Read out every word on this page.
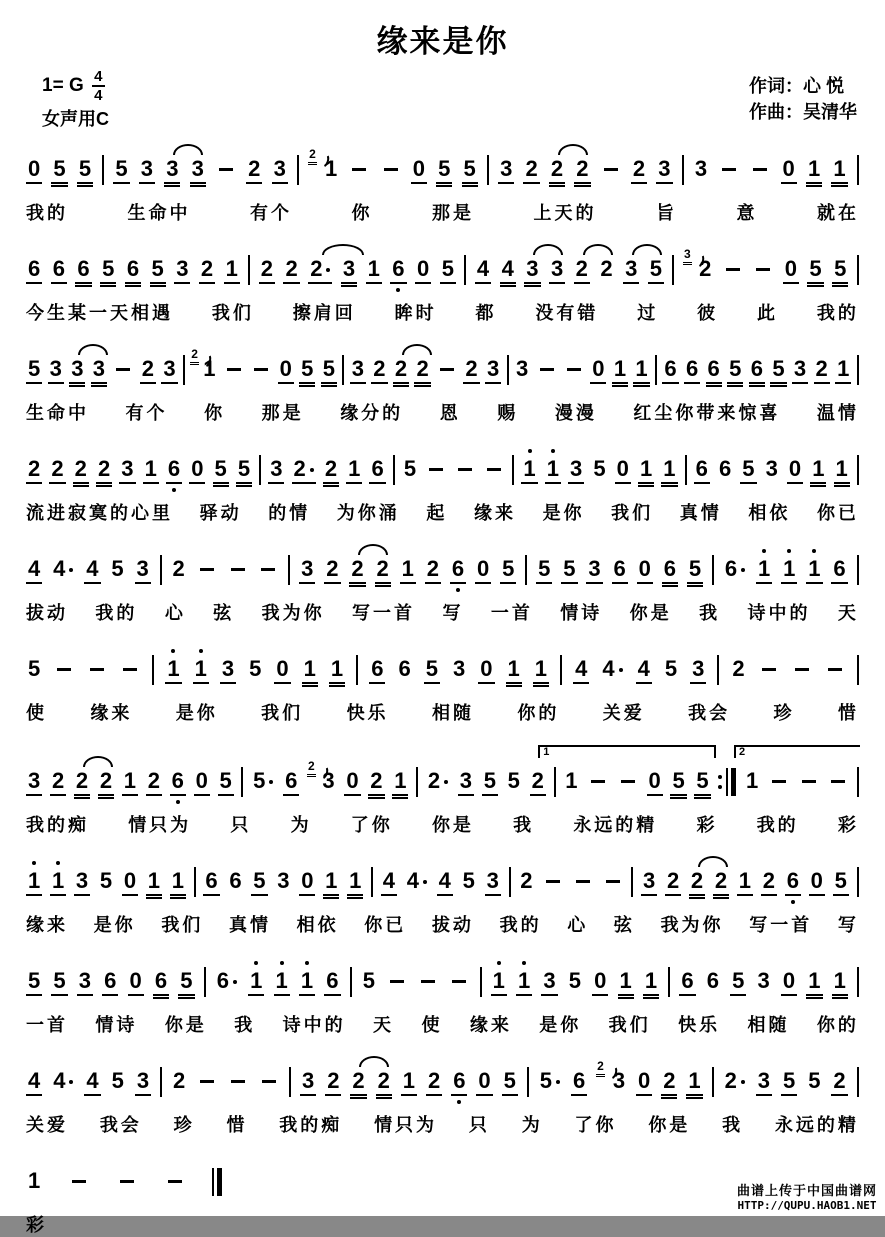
缘来是你
1= G $\frac{4}{4}$
女声用C
作词：心 悦
作曲：吴清华
0 5 5 5 3 3 3 2 3
2
1	0 5 5 3 2 2 2 2 3 3	0 1 1
我的	生命中	有个	你	那是	上天的	旨	意	就在
6 6 6 5 6 5 3 2 1 2 2 2 3 1 6 0 5 4 4 3 3 2 2 3 5
3
2	0 5 5
今生某一天相遇 我们 擦肩回 眸时 都 没有错 过 彼 此 我的
5 3 3 3 2 3
2
1	0 5 5 3 2 2 2 2 3 3	0 1 1 6 6 6 5 6 5 3 2 1
生命中 有个 你 那是 缘分的 恩 赐 漫漫 红尘你带来惊喜 温情
2 2 2 2 3 1 6 0 5 5 3 2 2 1 6 5	1 1 3 5 0 1 1 6 6 5 3 0 1 1
流进寂寞的心里 驿动 的情 为你涌 起 缘来 是你 我们 真情 相依 你已
4 4 4 5 3 2	3 2 2 2 1 2 6 0 5 5 5 3 6 0 6 5 6 1 1 1 6
拔动 我的 心 弦 我为你 写一首 写 一首 情诗 你是 我 诗中的 天
5	1 1 3 5 0 1 1 6 6 5 3 0 1 1 4 4 4 5 3 2
使 缘来 是你 我们 快乐 相随 你的 关爱 我会 珍 惜
1	2
3 2 2 2 1 2 6 0 5 5 6
2
3 0 2 1 2 3 5 5 2 1	0 5 5 1
我的痴 情只为 只 为 了你 你是 我 永远的精 彩 我的 彩
1 1 3 5 0 1 1 6 6 5 3 0 1 1 4 4 4 5 3 2	3 2 2 2 1 2 6 0 5
缘来 是你 我们 真情 相依 你已 拔动 我的 心 弦 我为你 写一首 写
5 5 3 6 0 6 5 6 1 1 1 6 5	1 1 3 5 0 1 1 6 6 5 3 0 1 1
一首 情诗 你是 我 诗中的 天 使 缘来 是你 我们 快乐 相随 你的
4 4 4 5 3 2	3 2 2 2 1 2 6 0 5 5 6
2
3 0 2 1 2 3 5 5 2
关爱 我会 珍 惜 我的痴 情只为 只 为 了你 你是 我 永远的精
1
彩
曲谱上传于中国曲谱网
HTTP://QUPU.HAOB1.NET
